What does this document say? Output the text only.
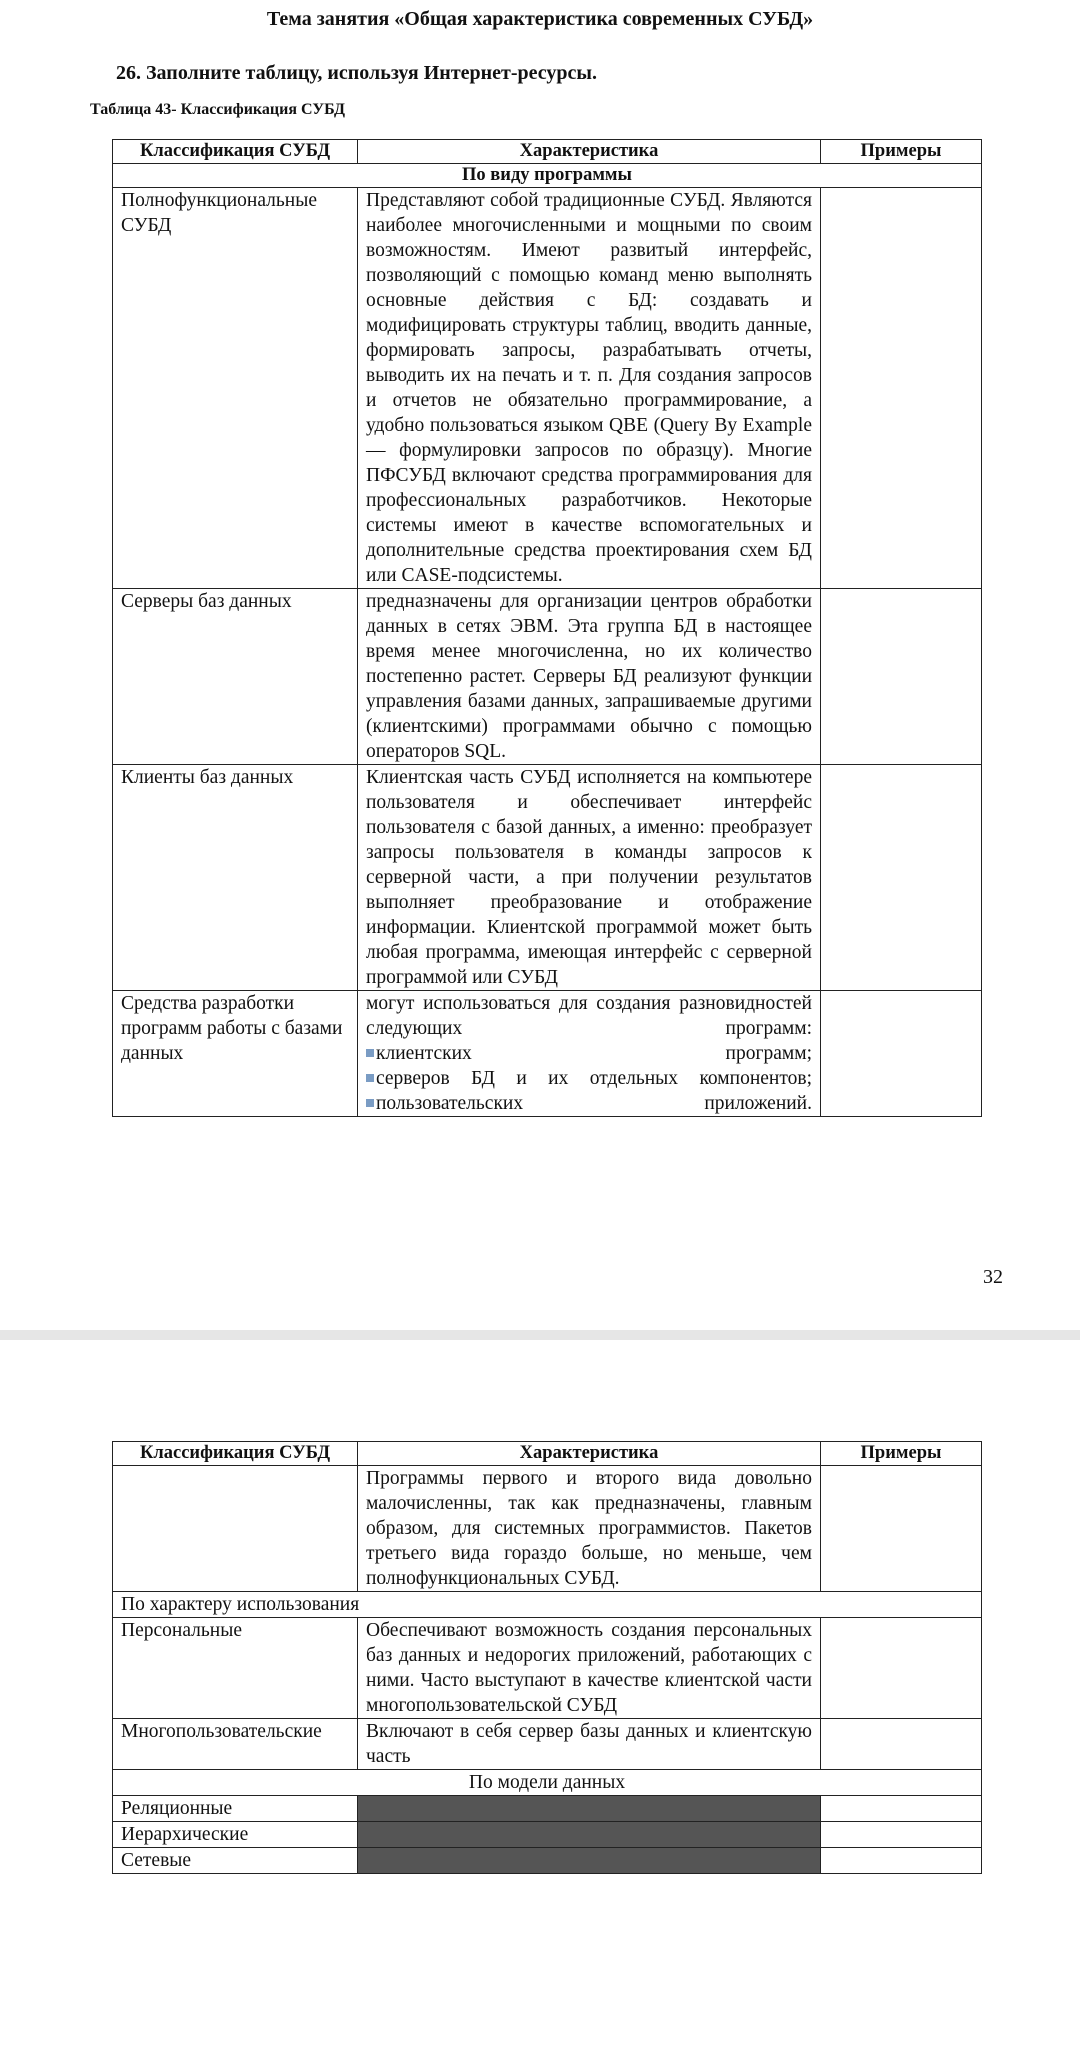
Тема занятия «Общая характеристика современных СУБД»
26. Заполните таблицу, используя Интернет-ресурсы.
Таблица 43- Классификация СУБД
Классификация СУБД	Характеристика	Примеры
По виду программы		
Полнофункциональные СУБД	Представляют собой традиционные СУБД. Являются наиболее многочисленными и мощными по своим возможностям. Имеют развитый интерфейс, позволяющий с помощью команд меню выполнять основные действия с БД: создавать и модифицировать структуры таблиц, вводить данные, формировать запросы, разрабатывать отчеты, выводить их на печать и т. п. Для создания запросов и отчетов не обязательно программирование, а удобно пользоваться языком QBE (Query By Example — формулировки запросов по образцу). Многие ПФСУБД включают средства программирования для профессиональных разработчиков. Некоторые системы имеют в качестве вспомогательных и дополнительные средства проектирования схем БД или CASE-подсистемы.	
Серверы баз данных	предназначены для организации центров обработки данных в сетях ЭВМ. Эта группа БД в настоящее время менее многочисленна, но их количество постепенно растет. Серверы БД реализуют функции управления базами данных, запрашиваемые другими (клиентскими) программами обычно с помощью операторов SQL.	
Клиенты баз данных	Клиентская часть СУБД исполняется на компьютере пользователя и обеспечивает интерфейс пользователя с базой данных, а именно: преобразует запросы пользователя в команды запросов к серверной части, а при получении результатов выполняет преобразование и отображение информации. Клиентской программой может быть любая программа, имеющая интерфейс с серверной программой или СУБД	
Средства разработки программ работы с базами данных	могут использоваться для создания разновидностей следующих программ:
клиентских программ;
серверов БД и их отдельных компонентов;
пользовательских приложений.	

32
Классификация СУБД	Характеристика	Примеры
	Программы первого и второго вида довольно малочисленны, так как предназначены, главным образом, для системных программистов. Пакетов третьего вида гораздо больше, но меньше, чем полнофункциональных СУБД.	
По характеру использования		
Персональные	Обеспечивают возможность создания персональных баз данных и недорогих приложений, работающих с ними. Часто выступают в качестве клиентской части многопользовательской СУБД	
Многопользовательские	Включают в себя сервер базы данных и клиентскую часть	
По модели данных		
Реляционные		
Иерархические		
Сетевые		
